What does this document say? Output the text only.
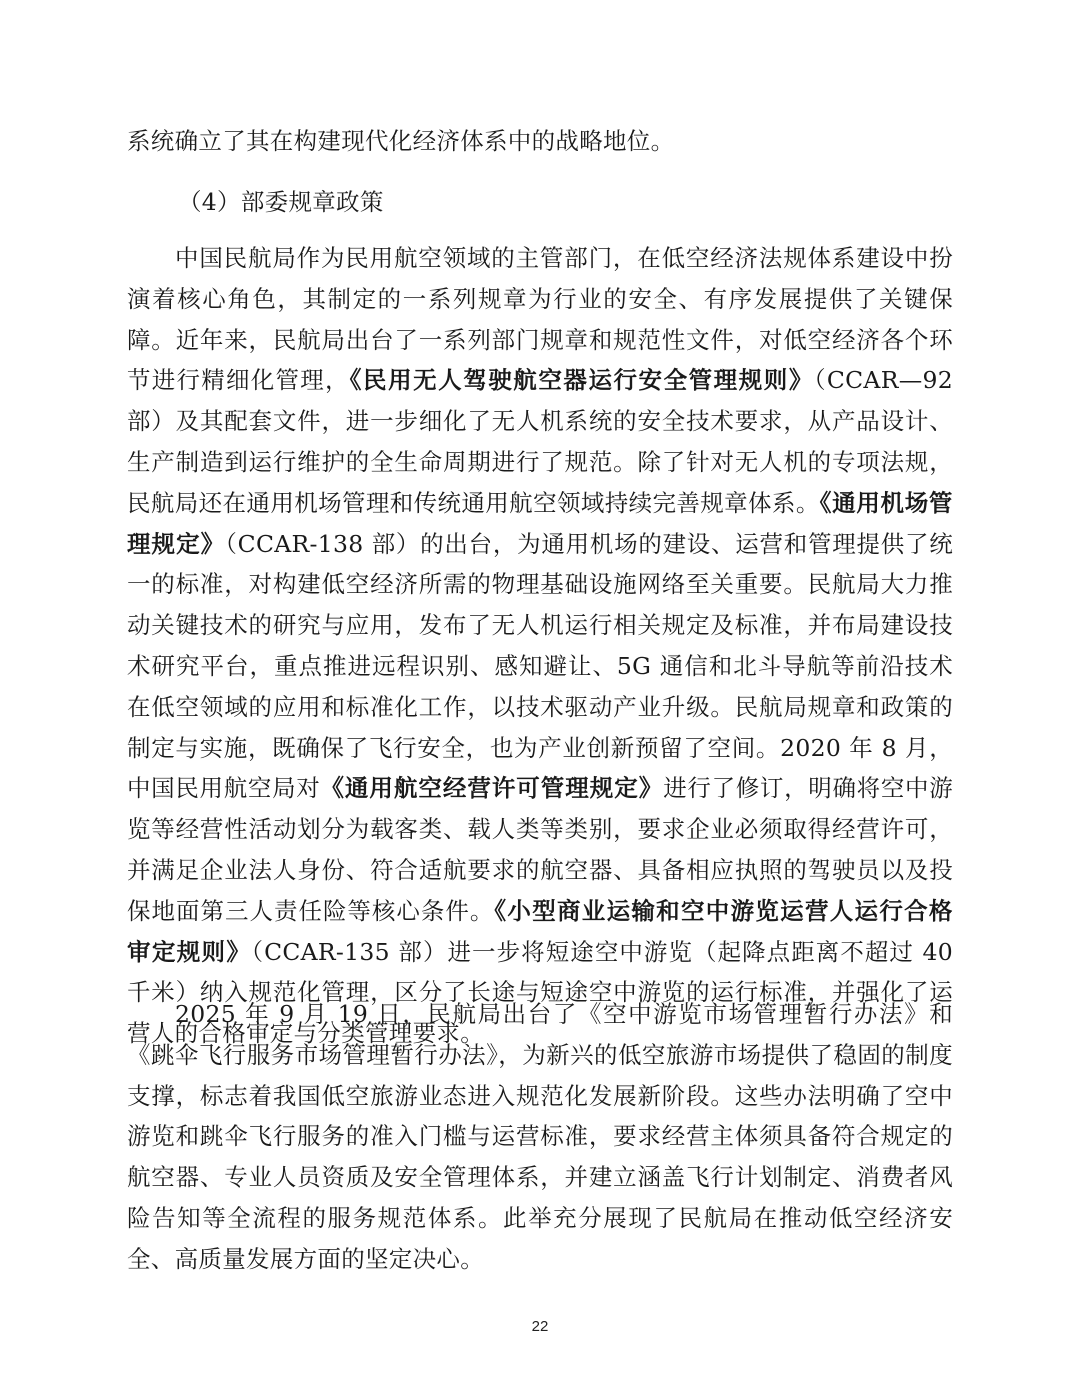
系统确立了其在构建现代化经济体系中的战略地位。

（4）部委规章政策

中国民航局作为民用航空领域的主管部门，在低空经济法规体系建设中扮演着核心角色，其制定的一系列规章为行业的安全、有序发展提供了关键保障。近年来，民航局出台了一系列部门规章和规范性文件，对低空经济各个环节进行精细化管理，《民用无人驾驶航空器运行安全管理规则》（CCAR—92 部）及其配套文件，进一步细化了无人机系统的安全技术要求，从产品设计、生产制造到运行维护的全生命周期进行了规范。除了针对无人机的专项法规，民航局还在通用机场管理和传统通用航空领域持续完善规章体系。《通用机场管理规定》（CCAR-138 部）的出台，为通用机场的建设、运营和管理提供了统一的标准，对构建低空经济所需的物理基础设施网络至关重要。民航局大力推动关键技术的研究与应用，发布了无人机运行相关规定及标准，并布局建设技术研究平台，重点推进远程识别、感知避让、5G 通信和北斗导航等前沿技术在低空领域的应用和标准化工作，以技术驱动产业升级。民航局规章和政策的制定与实施，既确保了飞行安全，也为产业创新预留了空间。2020 年 8 月，中国民用航空局对《通用航空经营许可管理规定》进行了修订，明确将空中游览等经营性活动划分为载客类、载人类等类别，要求企业必须取得经营许可，并满足企业法人身份、符合适航要求的航空器、具备相应执照的驾驶员以及投保地面第三人责任险等核心条件。《小型商业运输和空中游览运营人运行合格审定规则》（CCAR-135 部）进一步将短途空中游览（起降点距离不超过 40 千米）纳入规范化管理，区分了长途与短途空中游览的运行标准，并强化了运营人的合格审定与分类管理要求。

2025 年 9 月 19 日，民航局出台了《空中游览市场管理暂行办法》和《跳伞飞行服务市场管理暂行办法》，为新兴的低空旅游市场提供了稳固的制度支撑，标志着我国低空旅游业态进入规范化发展新阶段。这些办法明确了空中游览和跳伞飞行服务的准入门槛与运营标准，要求经营主体须具备符合规定的航空器、专业人员资质及安全管理体系，并建立涵盖飞行计划制定、消费者风险告知等全流程的服务规范体系。此举充分展现了民航局在推动低空经济安全、高质量发展方面的坚定决心。

22
